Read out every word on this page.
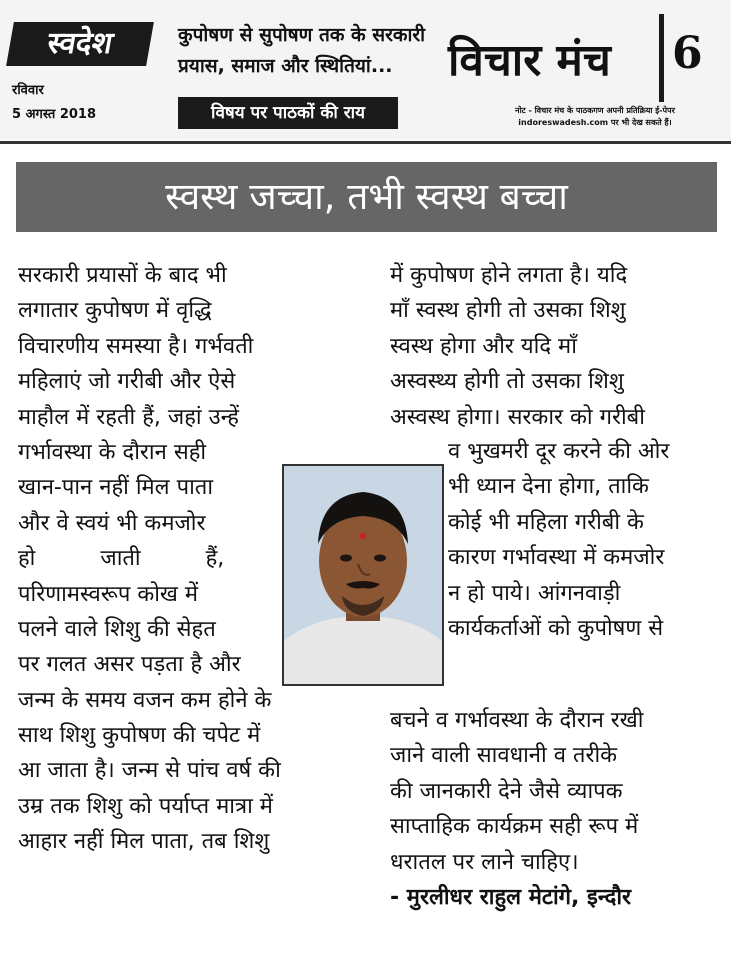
स्वदेश
रविवार
5 अगस्त 2018
कुपोषण से सुपोषण तक के सरकारी
प्रयास, समाज और स्थितियां...
विषय पर पाठकों की राय
विचार मंच 6
नोट - विचार मंच के पाठकगण अपनी प्रतिक्रिया ई-पेपर indoreswadesh.com पर भी देख सकते हैं।
स्वस्थ जच्चा, तभी स्वस्थ बच्चा
सरकारी प्रयासों के बाद भी
लगातार कुपोषण में वृद्धि
विचारणीय समस्या है। गर्भवती
महिलाएं जो गरीबी और ऐसे
माहौल में रहती हैं, जहां उन्हें
गर्भावस्था के दौरान सही
खान-पान नहीं मिल पाता
और वे स्वयं भी कमजोर
हो जाती हैं,
परिणामस्वरूप कोख में
पलने वाले शिशु की सेहत
पर गलत असर पड़ता है और
जन्म के समय वजन कम होने के
साथ शिशु कुपोषण की चपेट में
आ जाता है। जन्म से पांच वर्ष की
उम्र तक शिशु को पर्याप्त मात्रा में
आहार नहीं मिल पाता, तब शिशु
में कुपोषण होने लगता है। यदि
माँ स्वस्थ होगी तो उसका शिशु
स्वस्थ होगा और यदि माँ
अस्वस्थ्य होगी तो उसका शिशु
अस्वस्थ होगा। सरकार को गरीबी
व भुखमरी दूर करने की ओर
भी ध्यान देना होगा, ताकि
कोई भी महिला गरीबी के
कारण गर्भावस्था में कमजोर
न हो पाये। आंगनवाड़ी
कार्यकर्ताओं को कुपोषण से
बचने व गर्भावस्था के दौरान रखी
जाने वाली सावधानी व तरीके
की जानकारी देने जैसे व्यापक
साप्ताहिक कार्यक्रम सही रूप में
धरातल पर लाने चाहिए।
- मुरलीधर राहुल मेटांगे, इन्दौर
